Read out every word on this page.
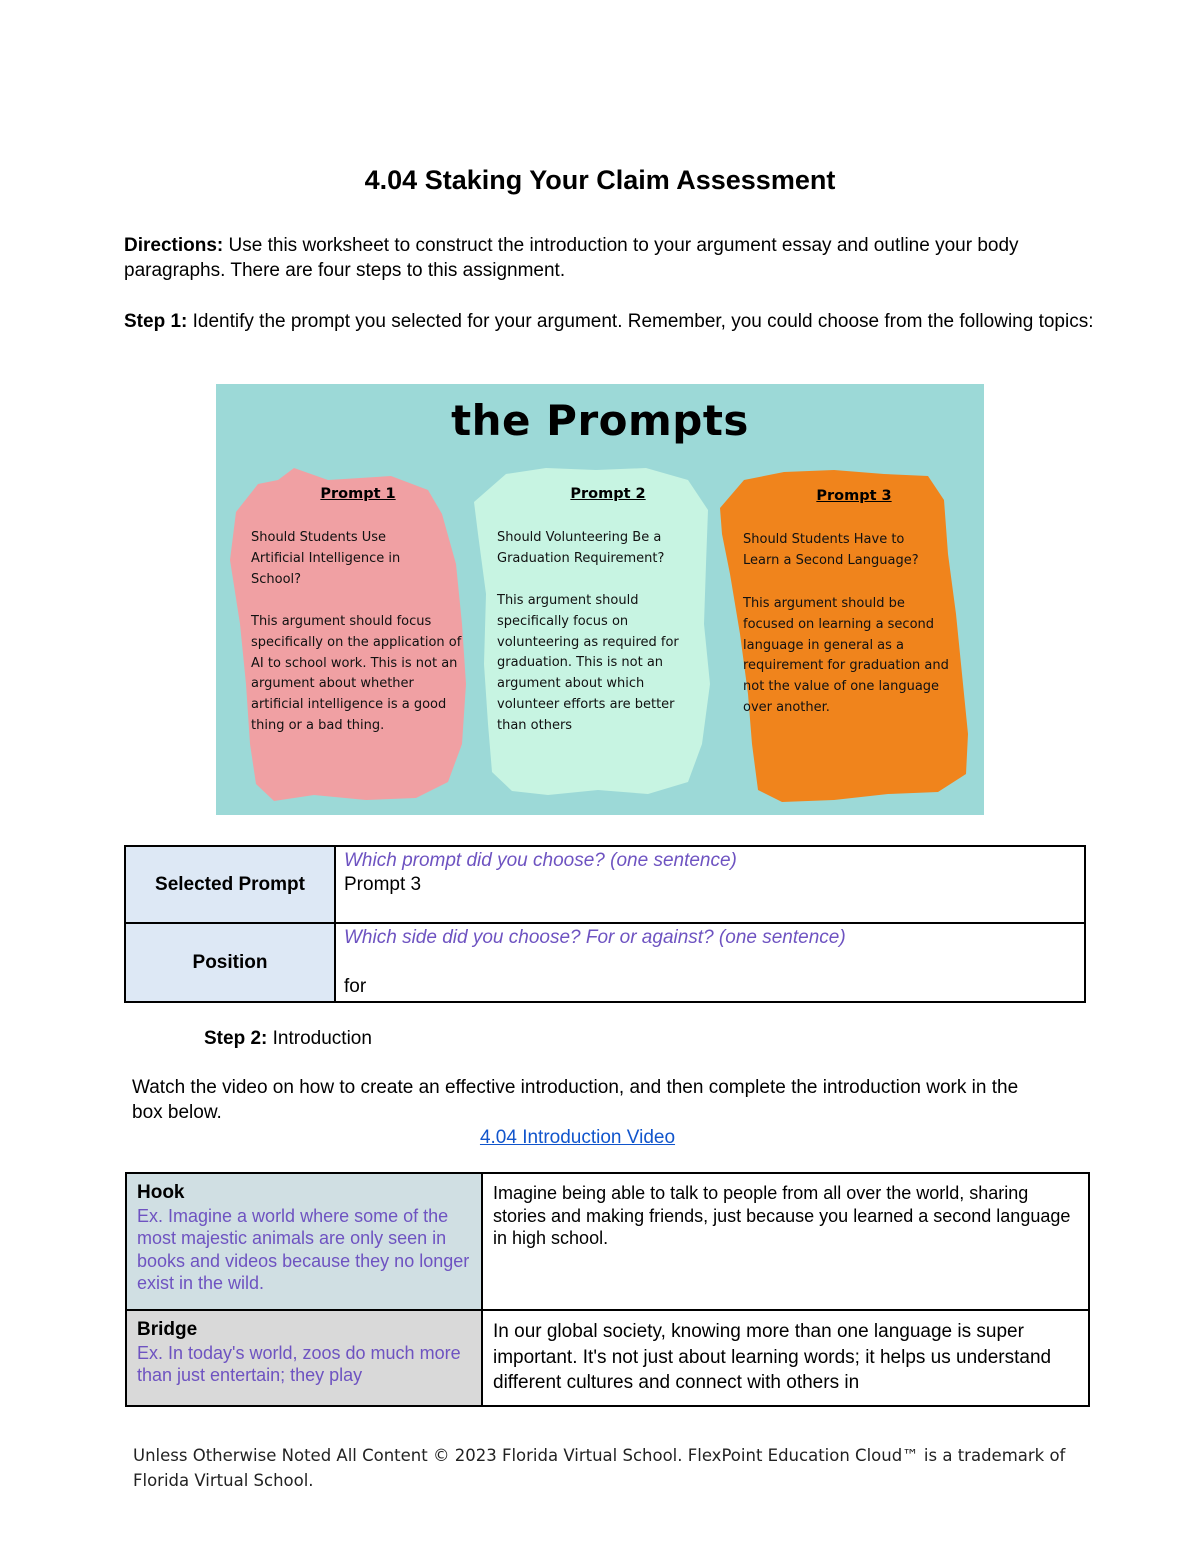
4.04 Staking Your Claim Assessment
Directions: Use this worksheet to construct the introduction to your argument essay and outline your body paragraphs. There are four steps to this assignment.
Step 1: Identify the prompt you selected for your argument. Remember, you could choose from the following topics:
the Prompts
Prompt 1
Should Students Use Artificial Intelligence in School?
This argument should focus specifically on the application of AI to school work. This is not an argument about whether artificial intelligence is a good thing or a bad thing.
Prompt 2
Should Volunteering Be a Graduation Requirement?
This argument should specifically focus on volunteering as required for graduation. This is not an argument about which volunteer efforts are better than others
Prompt 3
Should Students Have to Learn a Second Language?
This argument should be focused on learning a second language in general as a requirement for graduation and not the value of one language over another.
Selected Prompt	Which prompt did you choose? (one sentence)
Prompt 3

Position	Which side did you choose? For or against? (one sentence)
for
Step 2: Introduction
Watch the video on how to create an effective introduction, and then complete the introduction work in the box below.
4.04 Introduction Video
Hook
Ex. Imagine a world where some of the most majestic animals are only seen in books and videos because they no longer exist in the wild.	Imagine being able to talk to people from all over the world, sharing stories and making friends, just because you learned a second language in high school.

Bridge
Ex. In today's world, zoos do much more than just entertain; they play	In our global society, knowing more than one language is super important. It's not just about learning words; it helps us understand different cultures and connect with others in
Unless Otherwise Noted All Content © 2023 Florida Virtual School. FlexPoint Education Cloud™ is a trademark of Florida Virtual School.
